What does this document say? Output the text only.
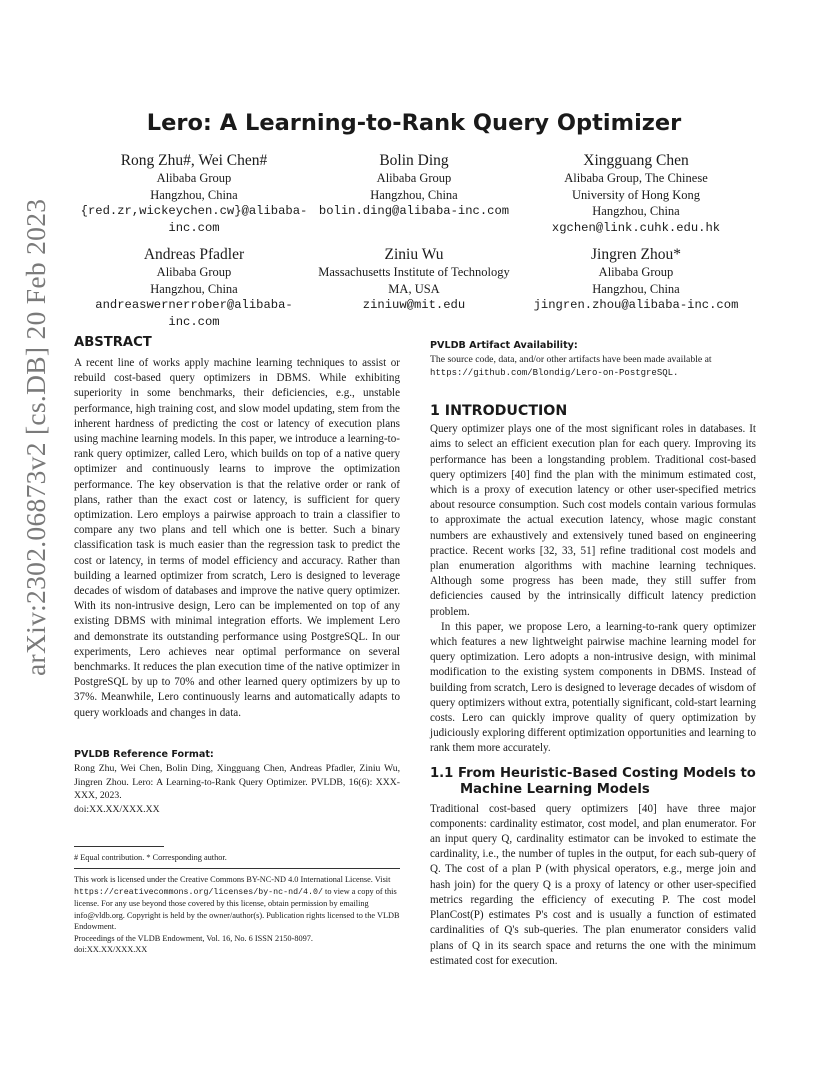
arXiv:2302.06873v2 [cs.DB] 20 Feb 2023
Lero: A Learning-to-Rank Query Optimizer
Rong Zhu#, Wei Chen#
Alibaba Group
Hangzhou, China
{red.zr,wickeychen.cw}@alibaba-
inc.com
Bolin Ding
Alibaba Group
Hangzhou, China
bolin.ding@alibaba-inc.com
Xingguang Chen
Alibaba Group, The Chinese
University of Hong Kong
Hangzhou, China
xgchen@link.cuhk.edu.hk
Andreas Pfadler
Alibaba Group
Hangzhou, China
andreaswernerrober@alibaba-
inc.com
Ziniu Wu
Massachusetts Institute of Technology
MA, USA
ziniuw@mit.edu
Jingren Zhou*
Alibaba Group
Hangzhou, China
jingren.zhou@alibaba-inc.com
ABSTRACT

A recent line of works apply machine learning techniques to assist or rebuild cost-based query optimizers in DBMS. While exhibiting superiority in some benchmarks, their deficiencies, e.g., unstable performance, high training cost, and slow model updating, stem from the inherent hardness of predicting the cost or latency of execution plans using machine learning models. In this paper, we introduce a learning-to-rank query optimizer, called Lero, which builds on top of a native query optimizer and continuously learns to improve the optimization performance. The key observation is that the relative order or rank of plans, rather than the exact cost or latency, is sufficient for query optimization. Lero employs a pairwise approach to train a classifier to compare any two plans and tell which one is better. Such a binary classification task is much easier than the regression task to predict the cost or latency, in terms of model efficiency and accuracy. Rather than building a learned optimizer from scratch, Lero is designed to leverage decades of wisdom of databases and improve the native query optimizer. With its non-intrusive design, Lero can be implemented on top of any existing DBMS with minimal integration efforts. We implement Lero and demonstrate its outstanding performance using PostgreSQL. In our experiments, Lero achieves near optimal performance on several benchmarks. It reduces the plan execution time of the native optimizer in PostgreSQL by up to 70% and other learned query optimizers by up to 37%. Meanwhile, Lero continuously learns and automatically adapts to query workloads and changes in data.

PVLDB Reference Format:
Rong Zhu, Wei Chen, Bolin Ding, Xingguang Chen, Andreas Pfadler, Ziniu Wu, Jingren Zhou. Lero: A Learning-to-Rank Query Optimizer. PVLDB, 16(6): XXX-XXX, 2023.
doi:XX.XX/XXX.XX
# Equal contribution. * Corresponding author.
This work is licensed under the Creative Commons BY-NC-ND 4.0 International License. Visit https://creativecommons.org/licenses/by-nc-nd/4.0/ to view a copy of this license. For any use beyond those covered by this license, obtain permission by emailing info@vldb.org. Copyright is held by the owner/author(s). Publication rights licensed to the VLDB Endowment.
Proceedings of the VLDB Endowment, Vol. 16, No. 6 ISSN 2150-8097.
doi:XX.XX/XXX.XX
PVLDB Artifact Availability:
The source code, data, and/or other artifacts have been made available at
https://github.com/Blondig/Lero-on-PostgreSQL.
1 INTRODUCTION

Query optimizer plays one of the most significant roles in databases. It aims to select an efficient execution plan for each query. Improving its performance has been a longstanding problem. Traditional cost-based query optimizers [40] find the plan with the minimum estimated cost, which is a proxy of execution latency or other user-specified metrics about resource consumption. Such cost models contain various formulas to approximate the actual execution latency, whose magic constant numbers are exhaustively and extensively tuned based on engineering practice. Recent works [32, 33, 51] refine traditional cost models and plan enumeration algorithms with machine learning techniques. Although some progress has been made, they still suffer from deficiencies caused by the intrinsically difficult latency prediction problem.

In this paper, we propose Lero, a learning-to-rank query optimizer which features a new lightweight pairwise machine learning model for query optimization. Lero adopts a non-intrusive design, with minimal modification to the existing system components in DBMS. Instead of building from scratch, Lero is designed to leverage decades of wisdom of query optimizers without extra, potentially significant, cold-start learning costs. Lero can quickly improve quality of query optimization by judiciously exploring different optimization opportunities and learning to rank them more accurately.

1.1 From Heuristic-Based Costing Models to
Machine Learning Models

Traditional cost-based query optimizers [40] have three major components: cardinality estimator, cost model, and plan enumerator. For an input query Q, cardinality estimator can be invoked to estimate the cardinality, i.e., the number of tuples in the output, for each sub-query of Q. The cost of a plan P (with physical operators, e.g., merge join and hash join) for the query Q is a proxy of latency or other user-specified metrics regarding the efficiency of executing P. The cost model PlanCost(P) estimates P's cost and is usually a function of estimated cardinalities of Q's sub-queries. The plan enumerator considers valid plans of Q in its search space and returns the one with the minimum estimated cost for execution.
